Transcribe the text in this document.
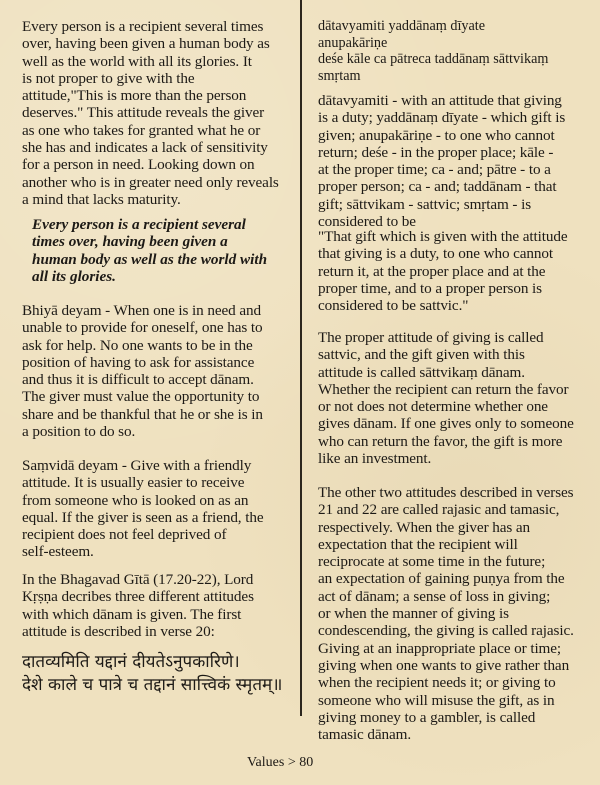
Every person is a recipient several times
over, having been given a human body as
well as the world with all its glories. It
is not proper to give with the
attitude,"This is more than the person
deserves." This attitude reveals the giver
as one who takes for granted what he or
she has and indicates a lack of sensitivity
for a person in need. Looking down on
another who is in greater need only reveals
a mind that lacks maturity.
Every person is a recipient several
times over, having been given a
human body as well as the world with
all its glories.
Bhiyā deyam - When one is in need and
unable to provide for oneself, one has to
ask for help. No one wants to be in the
position of having to ask for assistance
and thus it is difficult to accept dānam.
The giver must value the opportunity to
share and be thankful that he or she is in
a position to do so.
Saṃvidā deyam - Give with a friendly
attitude. It is usually easier to receive
from someone who is looked on as an
equal. If the giver is seen as a friend, the
recipient does not feel deprived of
self-esteem.
In the Bhagavad Gītā (17.20-22), Lord
Kṛṣṇa decribes three different attitudes
with which dānam is given. The first
attitude is described in verse 20:
दातव्यमिति यद्दानं दीयतेऽनुपकारिणे।
देशे काले च पात्रे च तद्दानं सात्त्विकं स्मृतम्॥
dātavyamiti yaddānaṃ dīyate
anupakāriṇe
deśe kāle ca pātreca taddānaṃ sāttvikaṃ
smṛtam
dātavyamiti - with an attitude that giving
is a duty; yaddānaṃ dīyate - which gift is
given; anupakāriṇe - to one who cannot
return; deśe - in the proper place; kāle -
at the proper time; ca - and; pātre - to a
proper person; ca - and; taddānam - that
gift; sāttvikam - sattvic; smṛtam - is
considered to be
"That gift which is given with the attitude
that giving is a duty, to one who cannot
return it, at the proper place and at the
proper time, and to a proper person is
considered to be sattvic."
The proper attitude of giving is called
sattvic, and the gift given with this
attitude is called sāttvikaṃ dānam.
Whether the recipient can return the favor
or not does not determine whether one
gives dānam. If one gives only to someone
who can return the favor, the gift is more
like an investment.
The other two attitudes described in verses
21 and 22 are called rajasic and tamasic,
respectively. When the giver has an
expectation that the recipient will
reciprocate at some time in the future;
an expectation of gaining puṇya from the
act of dānam; a sense of loss in giving;
or when the manner of giving is
condescending, the giving is called rajasic.
Giving at an inappropriate place or time;
giving when one wants to give rather than
when the recipient needs it; or giving to
someone who will misuse the gift, as in
giving money to a gambler, is called
tamasic dānam.
Values > 80
